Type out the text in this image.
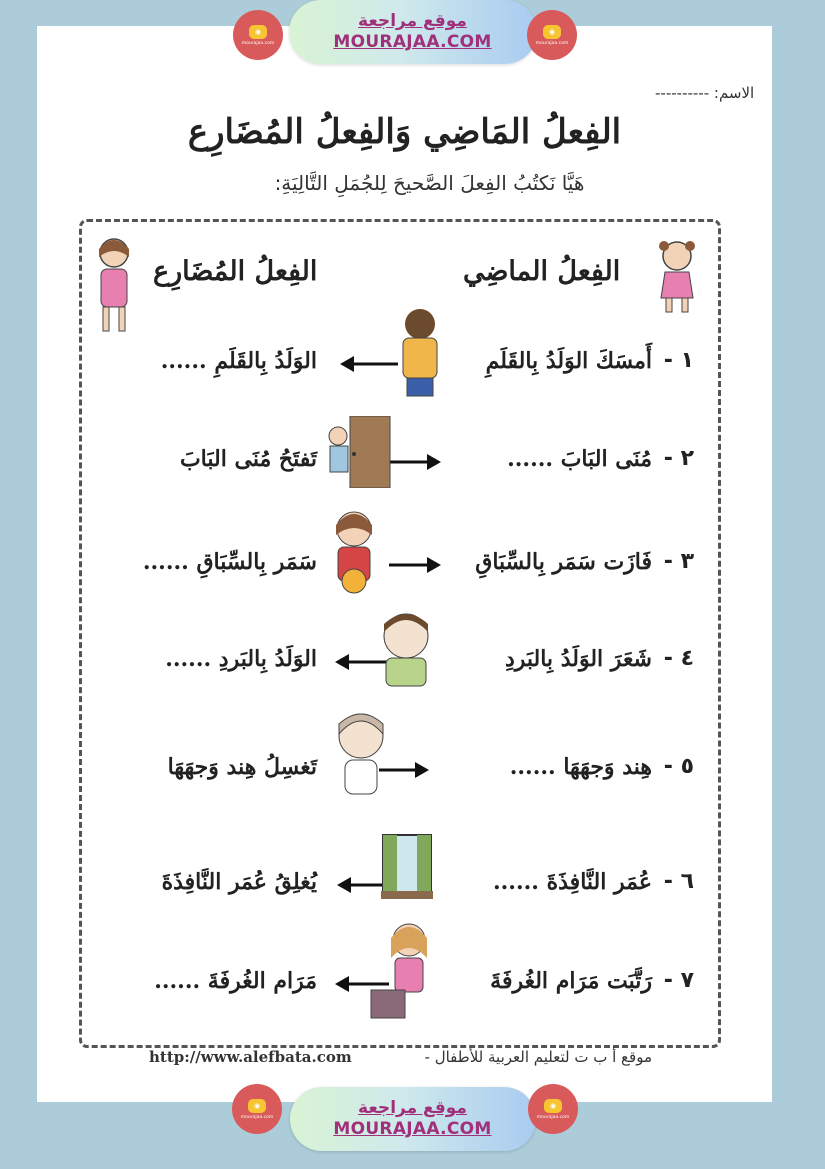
موقع مراجعة
MOURAJAA.COM
◉
mourajaa.com
◉
mourajaa.com
الاسم: ----------
الفِعلُ المَاضِي وَالفِعلُ المُضَارِع
هَيَّا نَكتُبُ الفِعلَ الصَّحيحَ لِلجُمَلِ التَّالِيَةِ:
الفِعلُ الماضِي
الفِعلُ المُضَارِع
١ -
أَمسَكَ الوَلَدُ بِالقَلَمِ
الوَلَدُ بِالقَلَمِ ......
٢ -
مُنَى البَابَ ......
تَفتَحُ مُنَى البَابَ
٣ -
فَازَت سَمَر بِالسِّبَاقِ
سَمَر بِالسِّبَاقِ ......
٤ -
شَعَرَ الوَلَدُ بِالبَردِ
الوَلَدُ بِالبَردِ ......
٥ -
هِند وَجهَهَا ......
تَغسِلُ هِند وَجهَهَا
٦ -
عُمَر النَّافِذَةَ ......
يُغلِقُ عُمَر النَّافِذَةَ
٧ -
رَتَّبَت مَرَام الغُرفَةَ
مَرَام الغُرفَةَ ......
http://www.alefbata.com	موقع أ ب ت لتعليم العربية للأطفال -
موقع مراجعة
MOURAJAA.COM
◉
mourajaa.com
◉
mourajaa.com
